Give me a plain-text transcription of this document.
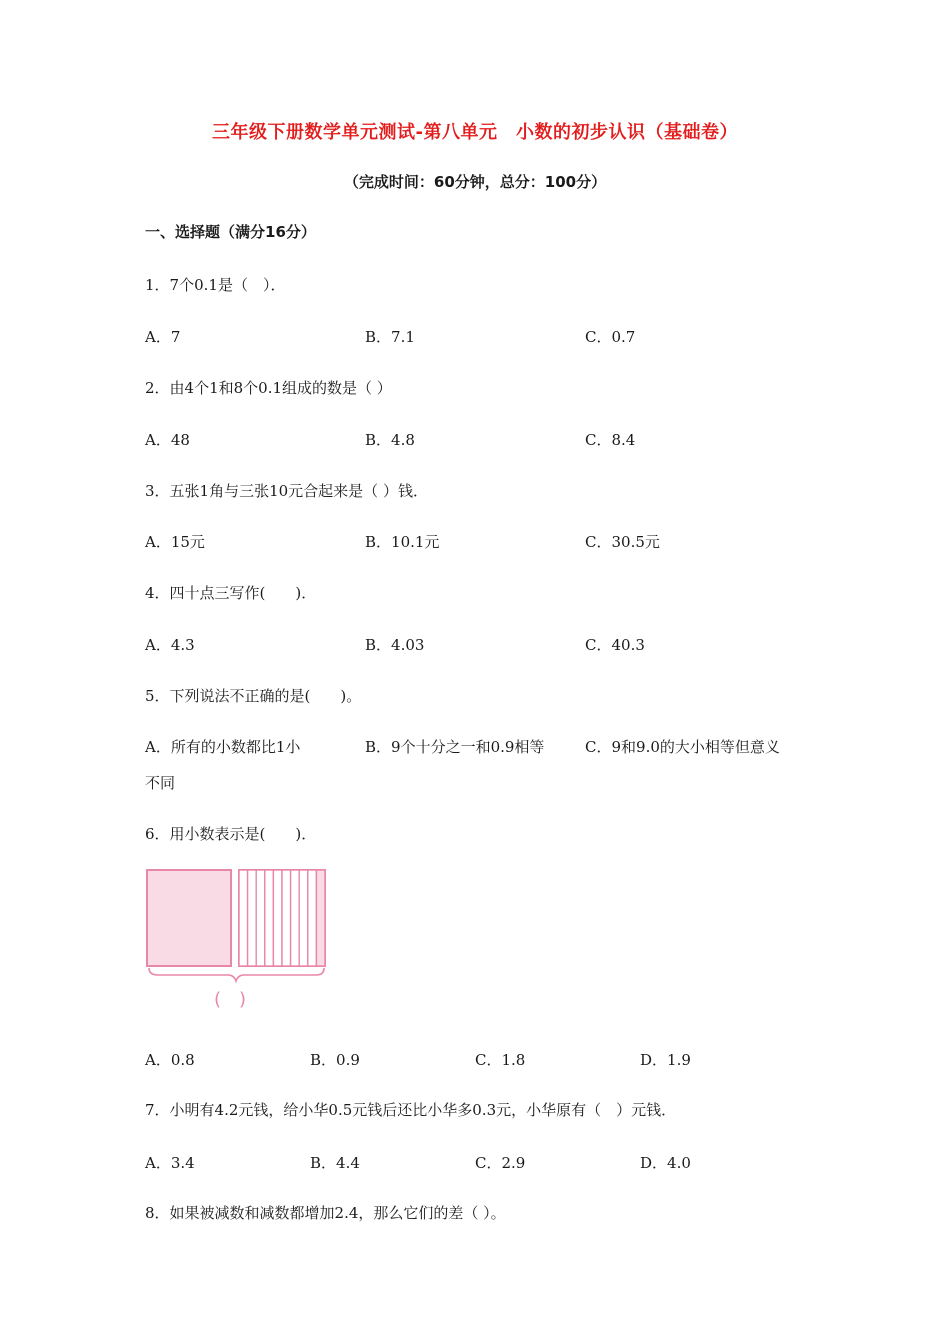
三年级下册数学单元测试-第八单元　小数的初步认识（基础卷）
（完成时间：60分钟，总分：100分）
一、选择题（满分16分）
1．7个0.1是（　）．
A．7	B．7.1	C．0.7
2．由4个1和8个0.1组成的数是（ ）
A．48	B．4.8	C．8.4
3．五张1角与三张10元合起来是（ ）钱．
A．15元	B．10.1元	C．30.5元
4．四十点三写作(　　)．
A．4.3	B．4.03	C．40.3
5．下列说法不正确的是(　　)。
A．所有的小数都比1小	B．9个十分之一和0.9相等	C．9和9.0的大小相等但意义
不同
6．用小数表示是(　　)．
(　)
A．0.8	B．0.9	C．1.8	D．1.9
7．小明有4.2元钱，给小华0.5元钱后还比小华多0.3元，小华原有（　）元钱．
A．3.4	B．4.4	C．2.9	D．4.0
8．如果被减数和减数都增加2.4，那么它们的差（ ）。
